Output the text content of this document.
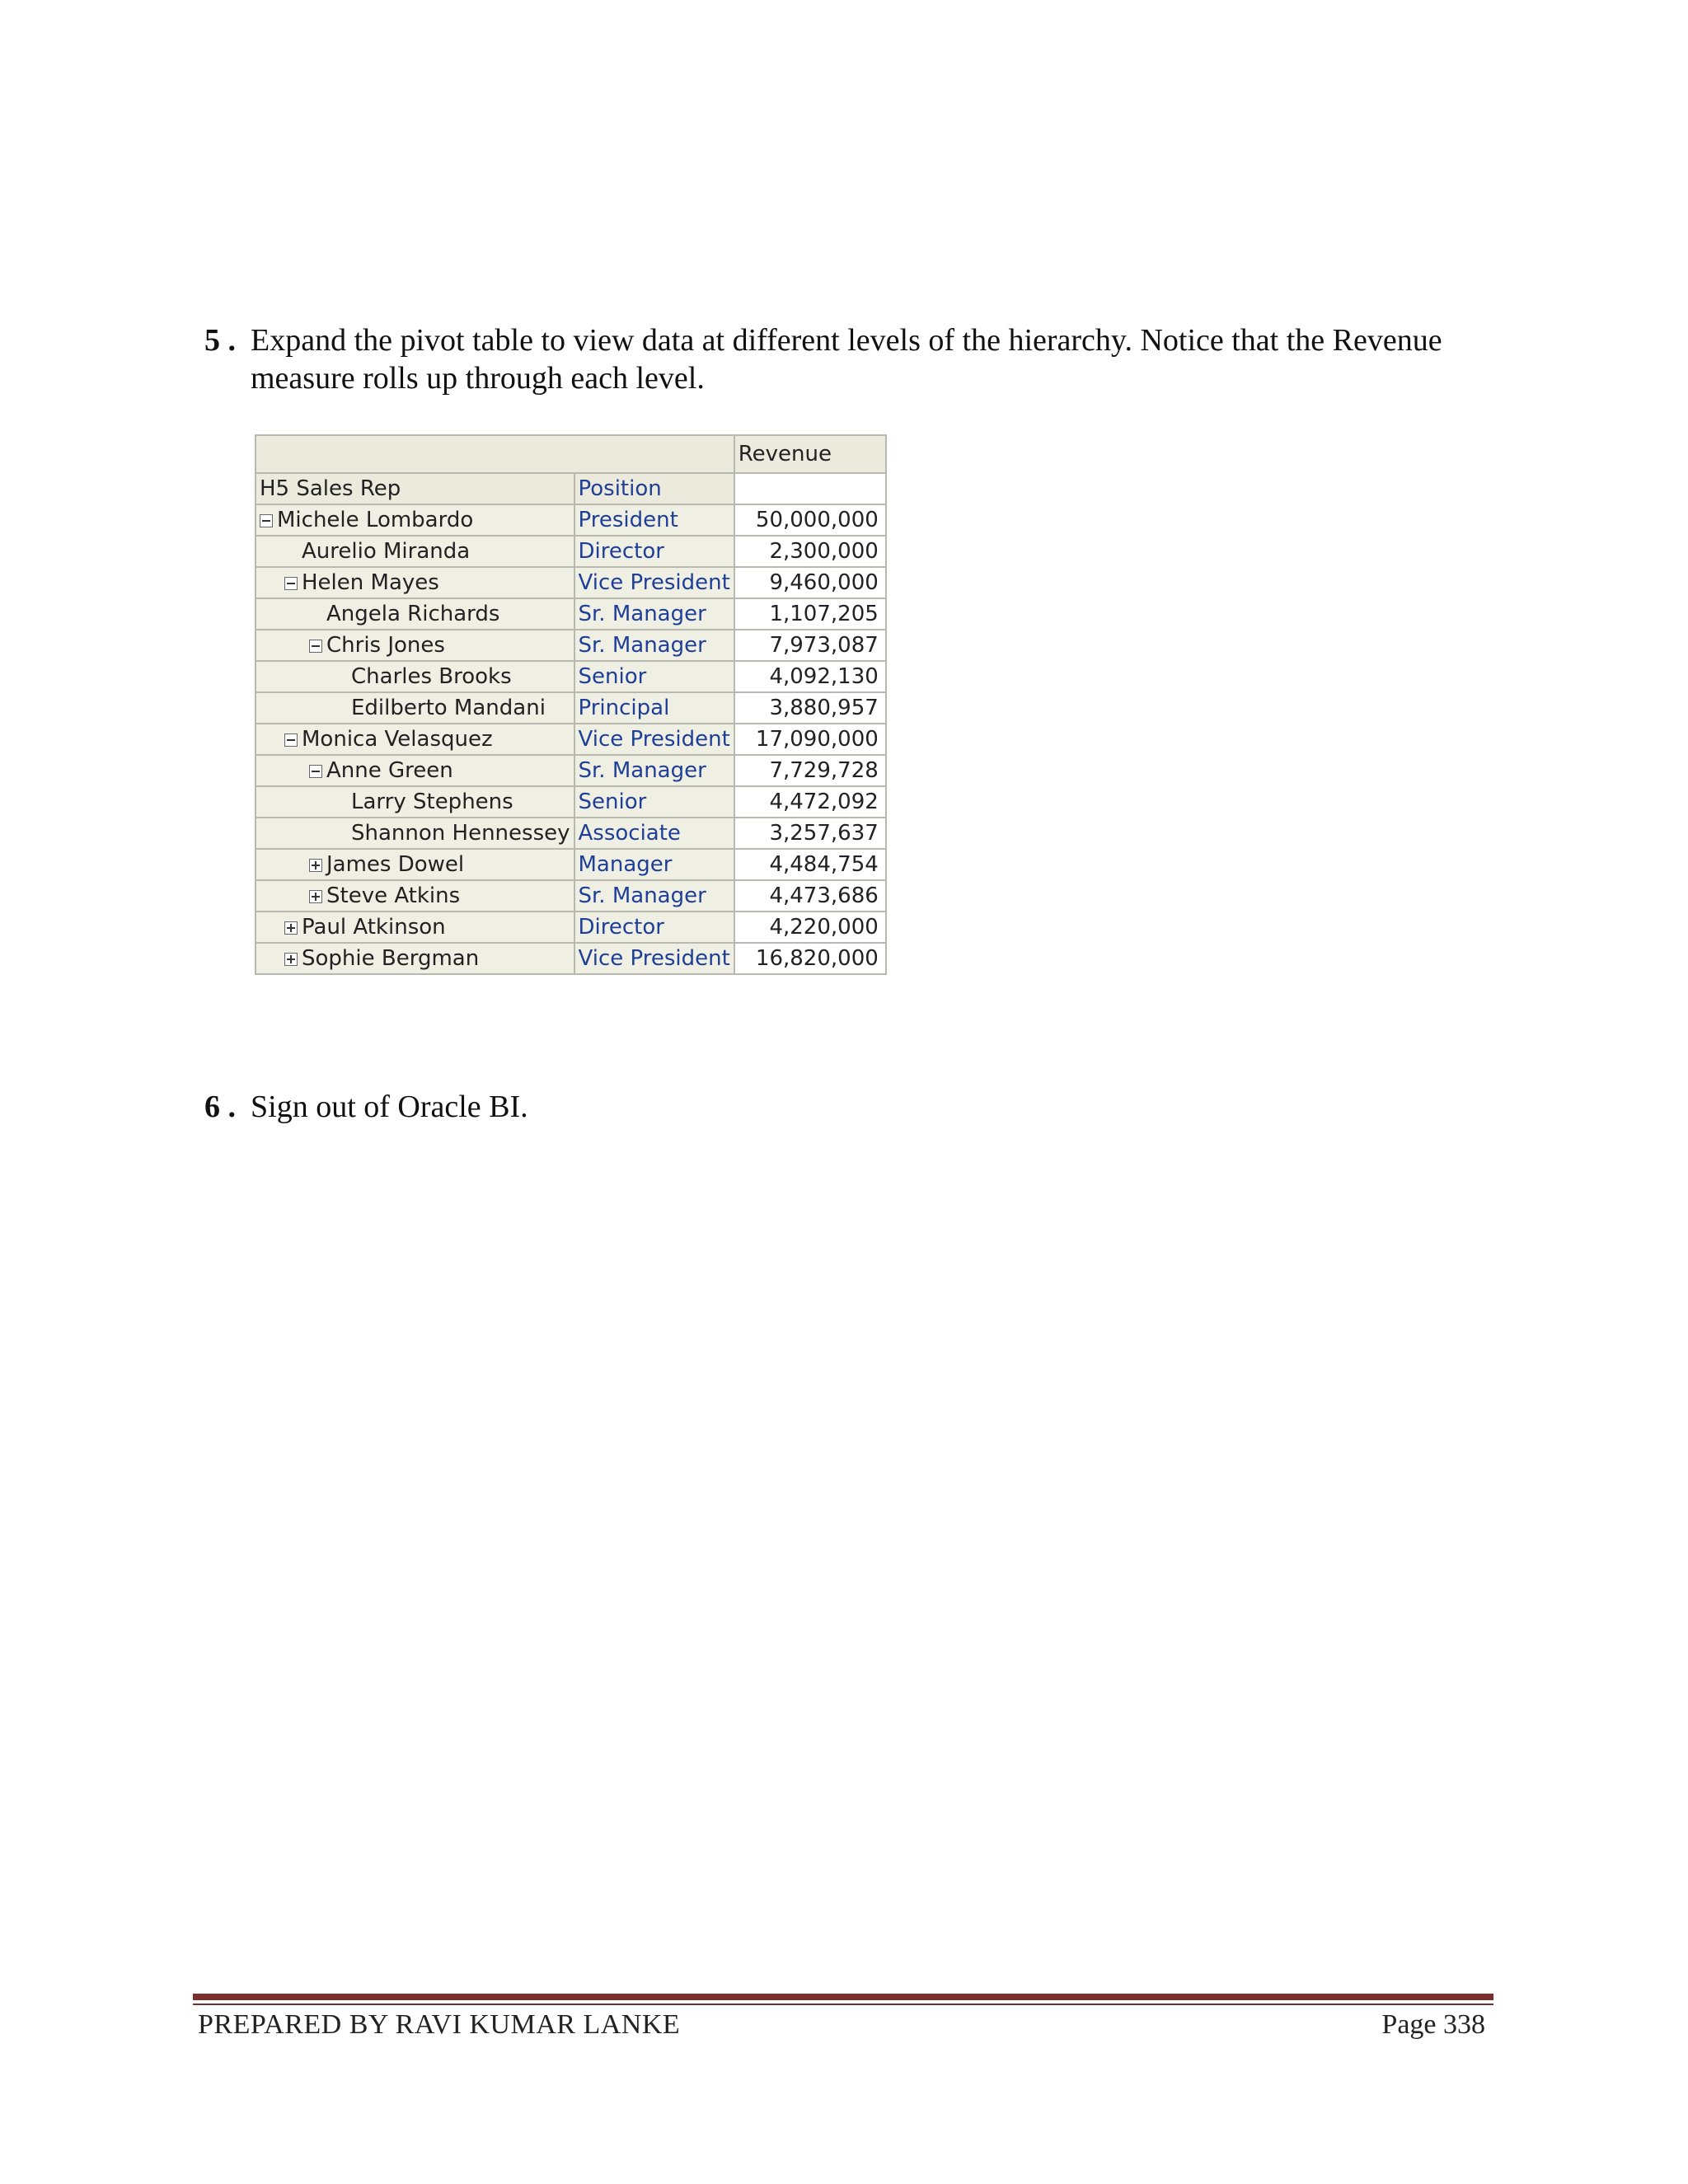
5 . Expand the pivot table to view data at different levels of the hierarchy. Notice that the Revenue measure rolls up through each level.
		Revenue
H5 Sales Rep	Position	
Michele Lombardo	President	50,000,000
Aurelio Miranda	Director	2,300,000
Helen Mayes	Vice President	9,460,000
Angela Richards	Sr. Manager	1,107,205
Chris Jones	Sr. Manager	7,973,087
Charles Brooks	Senior	4,092,130
Edilberto Mandani	Principal	3,880,957
Monica Velasquez	Vice President	17,090,000
Anne Green	Sr. Manager	7,729,728
Larry Stephens	Senior	4,472,092
Shannon Hennessey	Associate	3,257,637
James Dowel	Manager	4,484,754
Steve Atkins	Sr. Manager	4,473,686
Paul Atkinson	Director	4,220,000
Sophie Bergman	Vice President	16,820,000
6 . Sign out of Oracle BI.
PREPARED BY RAVI KUMAR LANKE	Page 338
